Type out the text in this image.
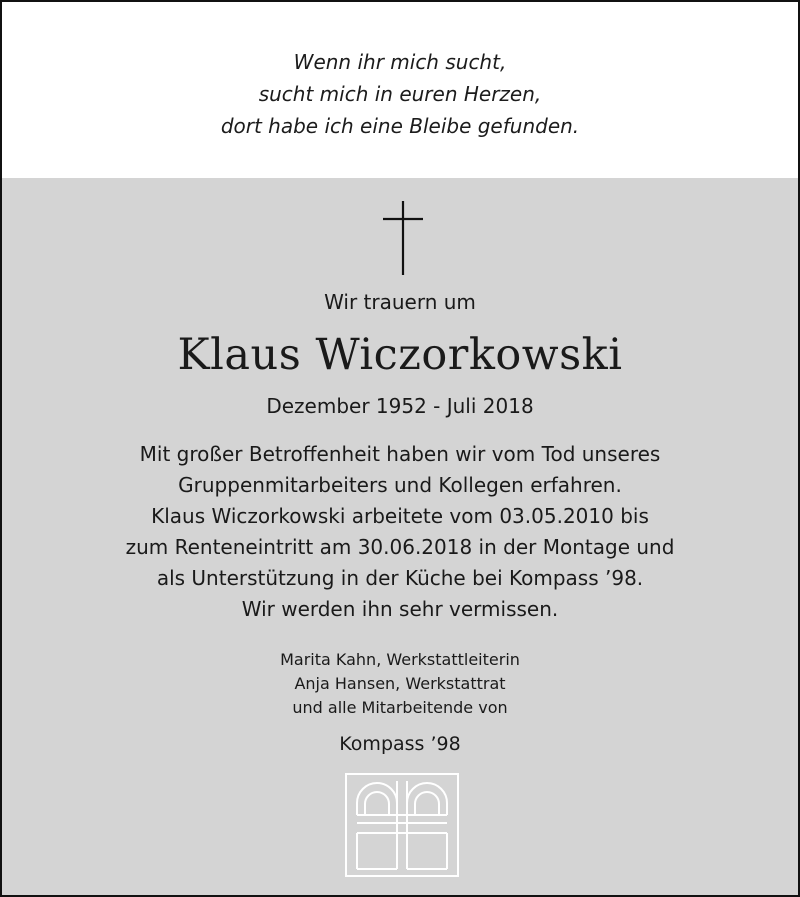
Wenn ihr mich sucht,
sucht mich in euren Herzen,
dort habe ich eine Bleibe gefunden.
Wir trauern um
Klaus Wiczorkowski
Dezember 1952 - Juli 2018
Mit großer Betroffenheit haben wir vom Tod unseres
Gruppenmitarbeiters und Kollegen erfahren.
Klaus Wiczorkowski arbeitete vom 03.05.2010 bis
zum Renteneintritt am 30.06.2018 in der Montage und
als Unterstützung in der Küche bei Kompass ’98.
Wir werden ihn sehr vermissen.
Marita Kahn, Werkstattleiterin
Anja Hansen, Werkstattrat
und alle Mitarbeitende von
Kompass ’98
